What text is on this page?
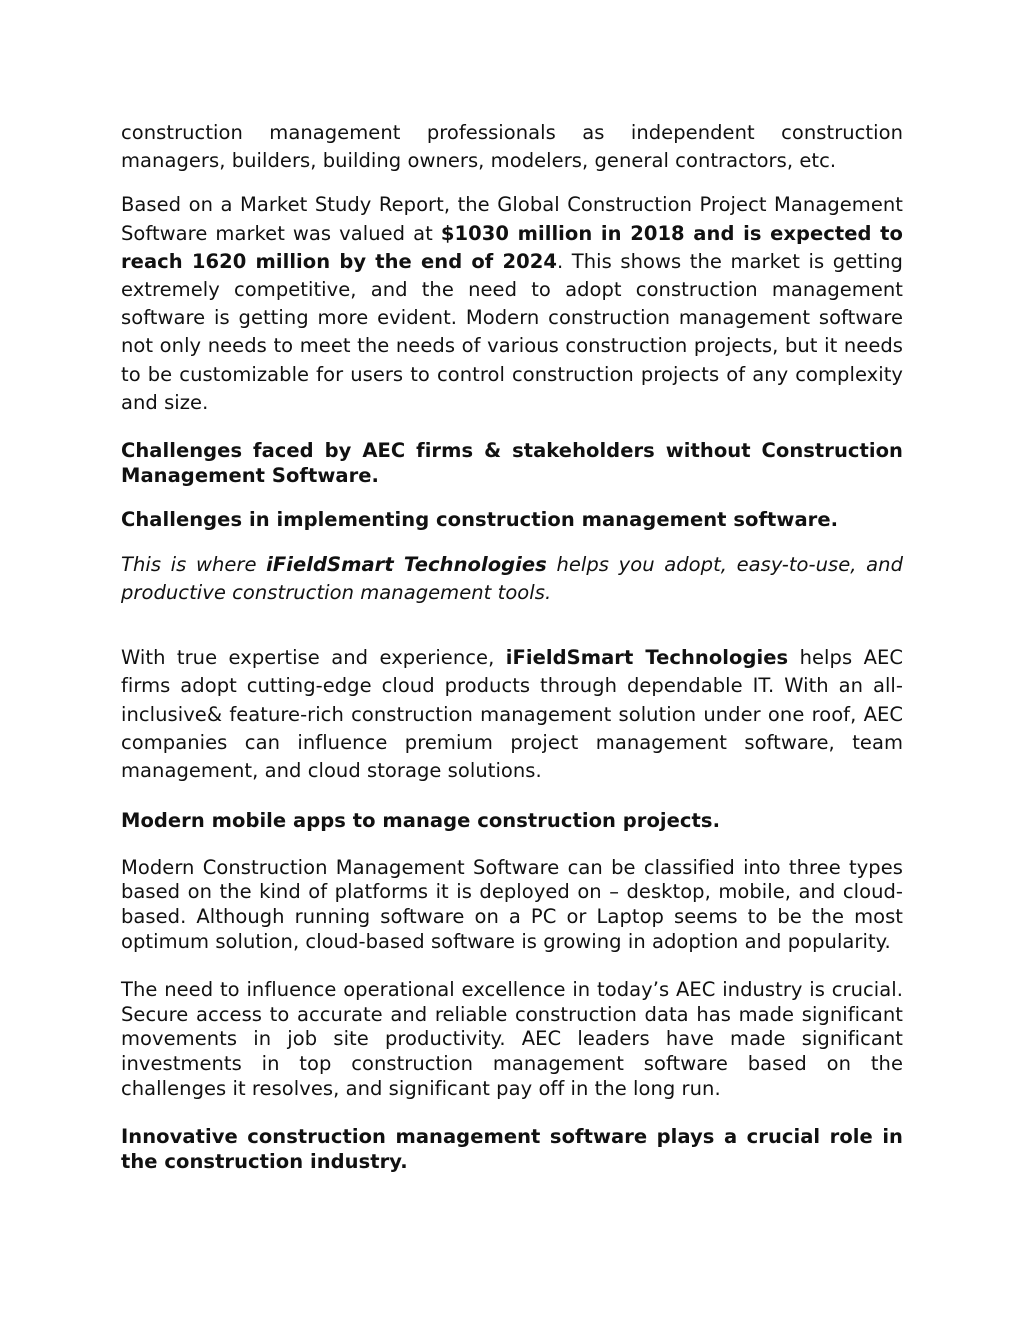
construction management professionals as independent construction managers, builders, building owners, modelers, general contractors, etc.

Based on a Market Study Report, the Global Construction Project Management Software market was valued at $1030 million in 2018 and is expected to reach 1620 million by the end of 2024. This shows the market is getting extremely competitive, and the need to adopt construction management software is getting more evident. Modern construction management software not only needs to meet the needs of various construction projects, but it needs to be customizable for users to control construction projects of any complexity and size.

Challenges faced by AEC firms & stakeholders without Construction Management Software.

Challenges in implementing construction management software.

This is where iFieldSmart Technologies helps you adopt, easy-to-use, and productive construction management tools.

With true expertise and experience, iFieldSmart Technologies helps AEC firms adopt cutting-edge cloud products through dependable IT. With an all-inclusive& feature-rich construction management solution under one roof, AEC companies can influence premium project management software, team management, and cloud storage solutions.

Modern mobile apps to manage construction projects.

Modern Construction Management Software can be classified into three types based on the kind of platforms it is deployed on – desktop, mobile, and cloud-based. Although running software on a PC or Laptop seems to be the most optimum solution, cloud-based software is growing in adoption and popularity.

The need to influence operational excellence in today’s AEC industry is crucial. Secure access to accurate and reliable construction data has made significant movements in job site productivity. AEC leaders have made significant investments in top construction management software based on the challenges it resolves, and significant pay off in the long run.

Innovative construction management software plays a crucial role in the construction industry.
